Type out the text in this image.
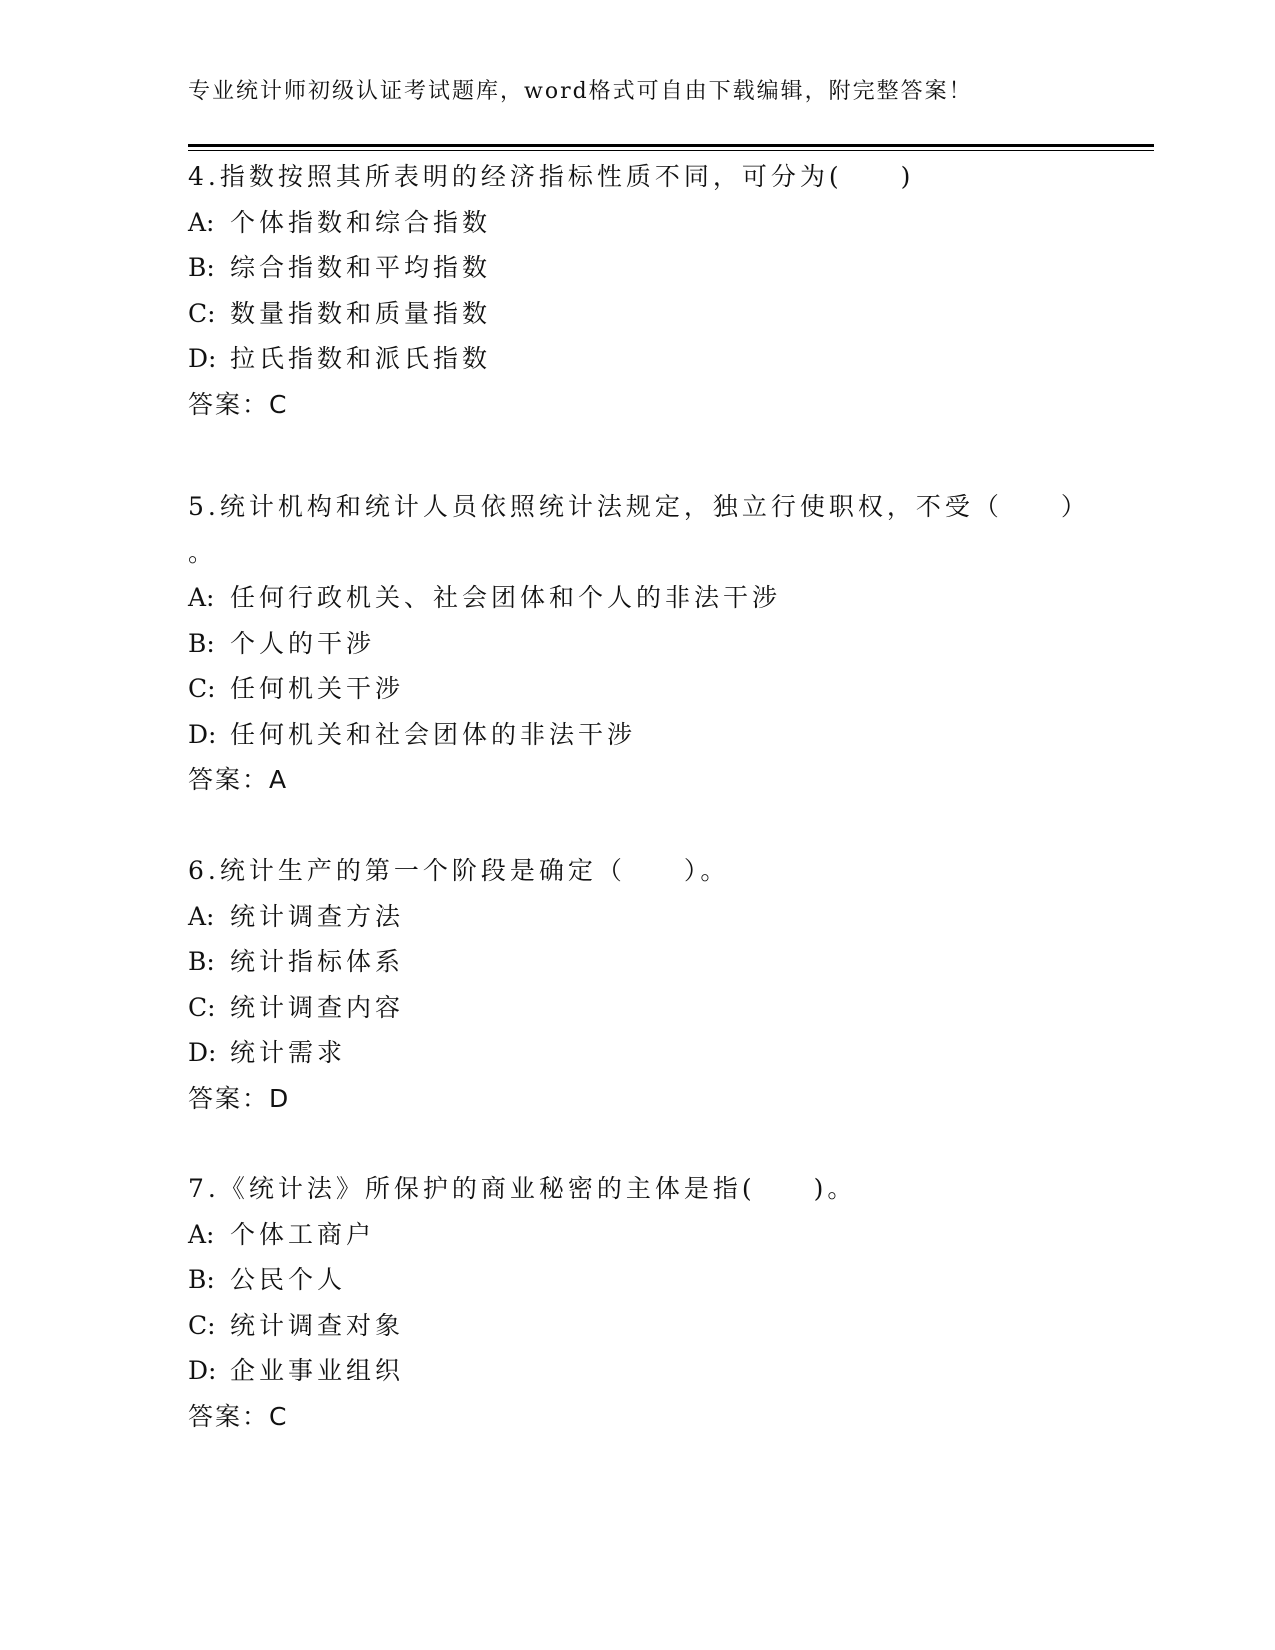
专业统计师初级认证考试题库，word格式可自由下载编辑，附完整答案！
4.指数按照其所表明的经济指标性质不同，可分为(　　)
A: 个体指数和综合指数
B: 综合指数和平均指数
C: 数量指数和质量指数
D: 拉氏指数和派氏指数
答案：C
5.统计机构和统计人员依照统计法规定，独立行使职权，不受（　　）
。
A: 任何行政机关、社会团体和个人的非法干涉
B: 个人的干涉
C: 任何机关干涉
D: 任何机关和社会团体的非法干涉
答案：A
6.统计生产的第一个阶段是确定（　　）。
A: 统计调查方法
B: 统计指标体系
C: 统计调查内容
D: 统计需求
答案：D
7.《统计法》所保护的商业秘密的主体是指(　　)。
A: 个体工商户
B: 公民个人
C: 统计调查对象
D: 企业事业组织
答案：C
